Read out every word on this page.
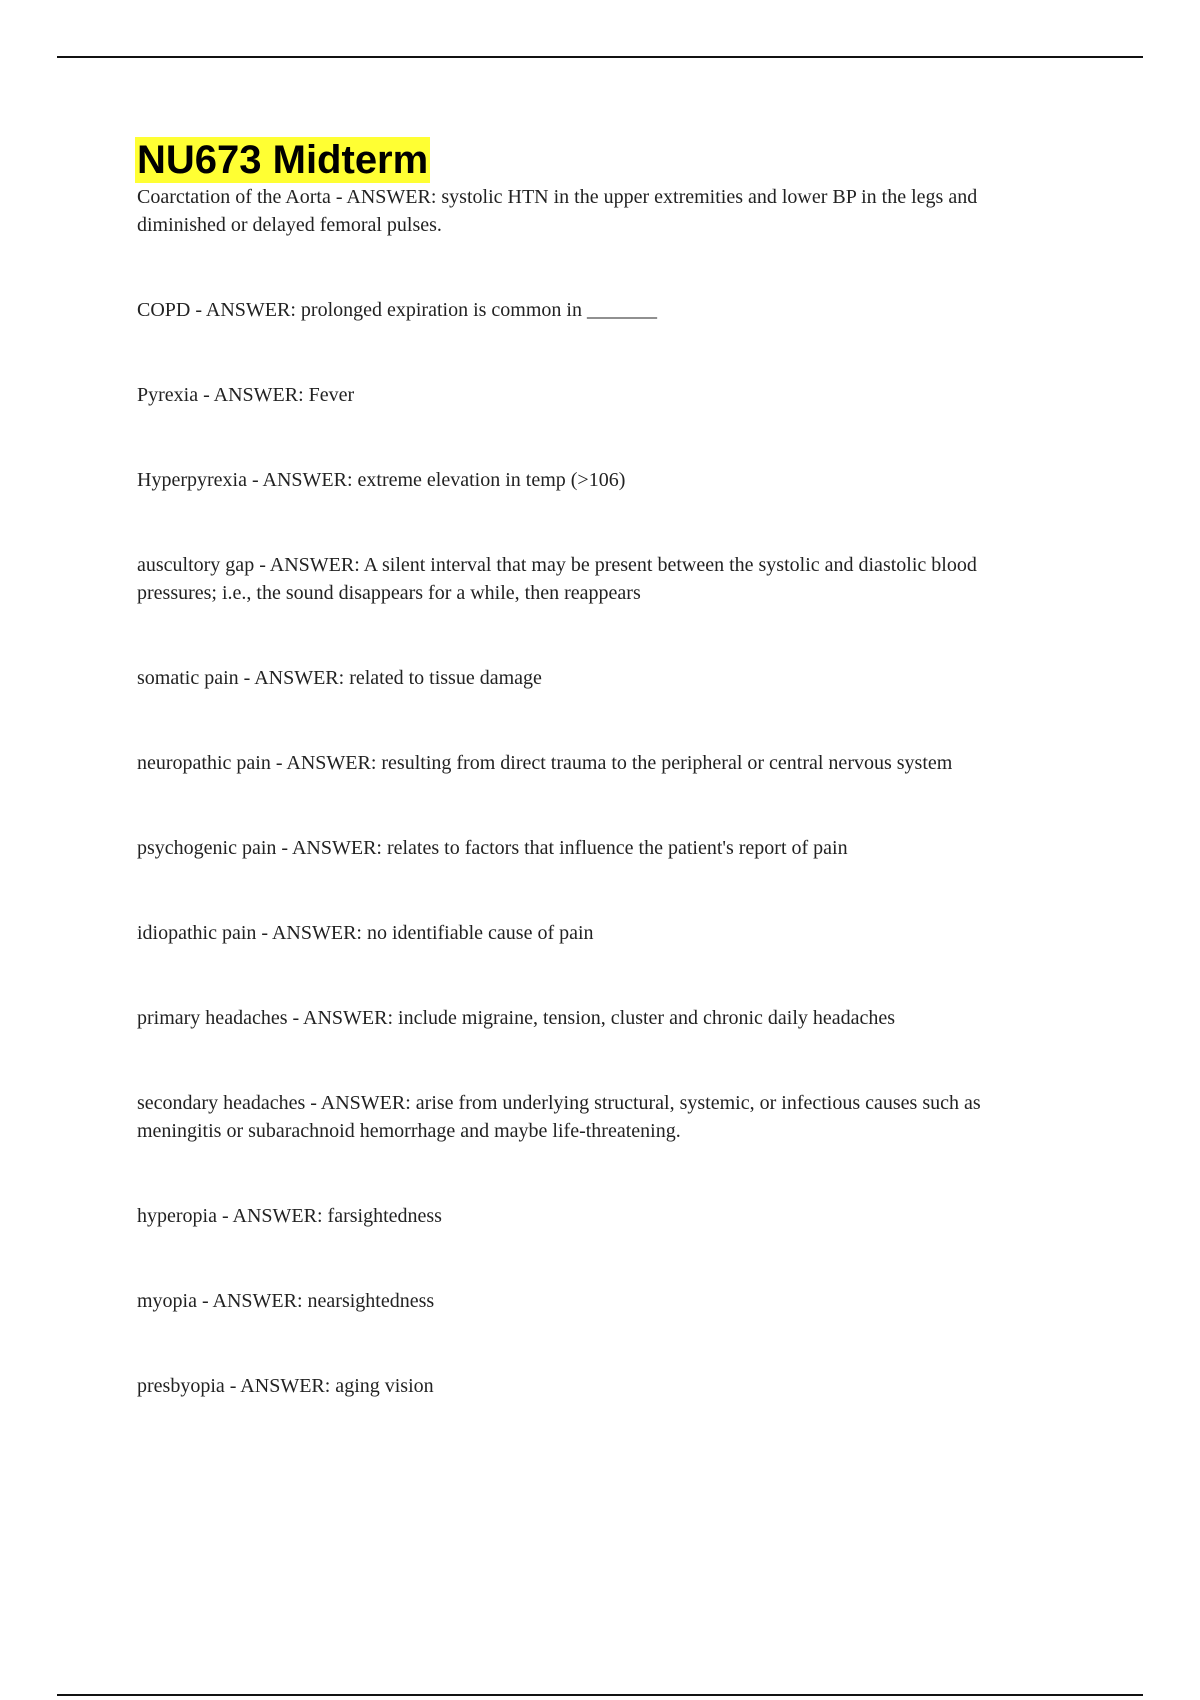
NU673 Midterm
Coarctation of the Aorta - ANSWER: systolic HTN in the upper extremities and lower BP in the legs and diminished or delayed femoral pulses.
COPD - ANSWER: prolonged expiration is common in _______
Pyrexia - ANSWER: Fever
Hyperpyrexia - ANSWER: extreme elevation in temp (>106)
auscultory gap - ANSWER: A silent interval that may be present between the systolic and diastolic blood pressures; i.e., the sound disappears for a while, then reappears
somatic pain - ANSWER: related to tissue damage
neuropathic pain - ANSWER: resulting from direct trauma to the peripheral or central nervous system
psychogenic pain - ANSWER: relates to factors that influence the patient's report of pain
idiopathic pain - ANSWER: no identifiable cause of pain
primary headaches - ANSWER: include migraine, tension, cluster and chronic daily headaches
secondary headaches - ANSWER: arise from underlying structural, systemic, or infectious causes such as meningitis or subarachnoid hemorrhage and maybe life-threatening.
hyperopia - ANSWER: farsightedness
myopia - ANSWER: nearsightedness
presbyopia - ANSWER: aging vision
